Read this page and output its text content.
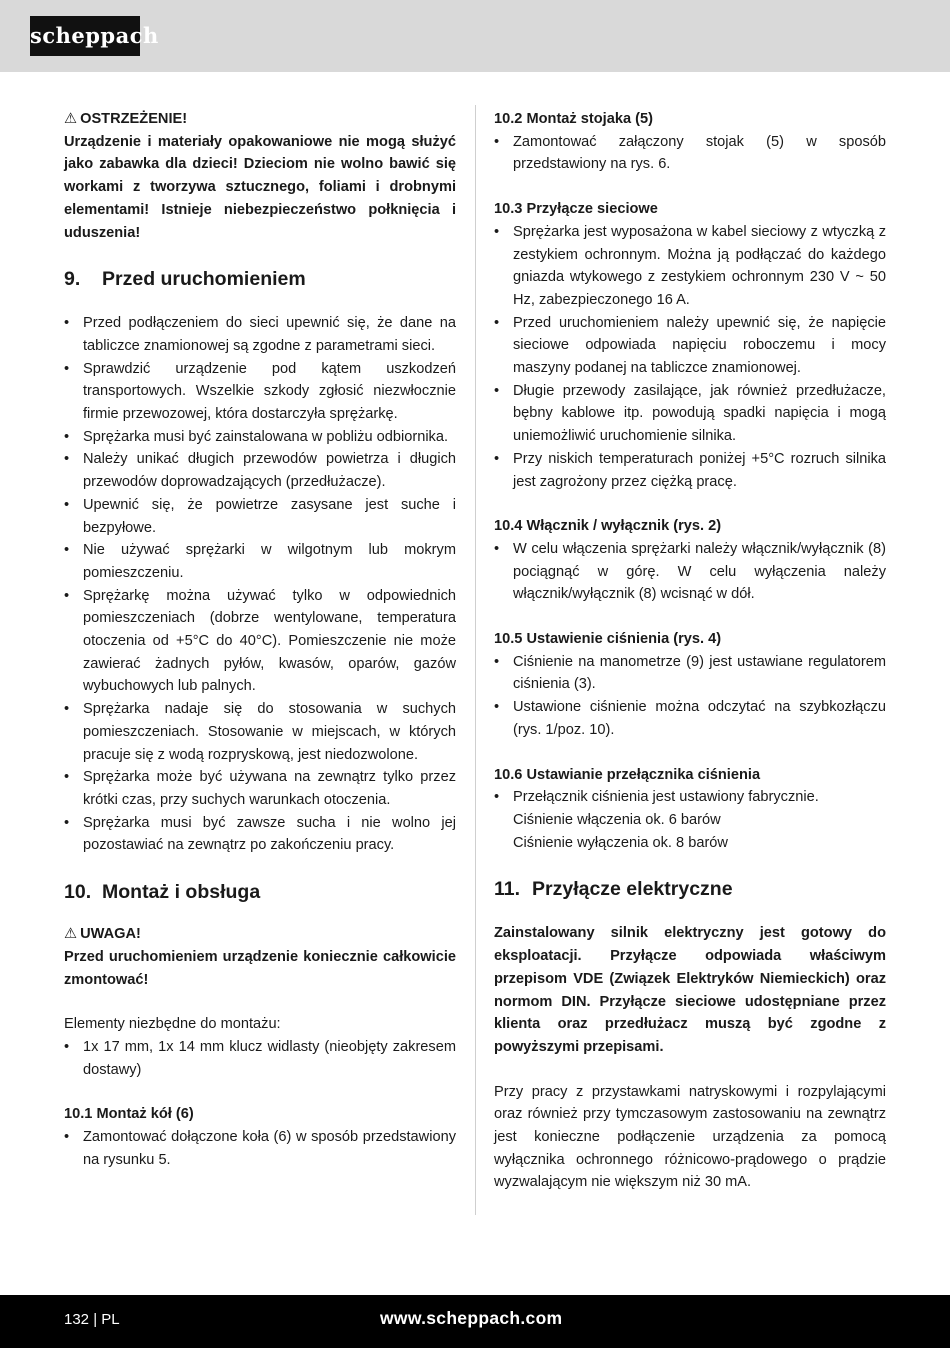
scheppach

⚠ OSTRZEŻENIE!

Urządzenie i materiały opakowaniowe nie mogą służyć jako zabawka dla dzieci! Dzieciom nie wolno bawić się workami z tworzywa sztucznego, foliami i drobnymi elementami! Istnieje niebezpieczeństwo połknięcia i uduszenia!

9. Przed uruchomieniem
• Przed podłączeniem do sieci upewnić się, że dane na tabliczce znamionowej są zgodne z parametrami sieci.
• Sprawdzić urządzenie pod kątem uszkodzeń transportowych. Wszelkie szkody zgłosić niezwłocznie firmie przewozowej, która dostarczyła sprężarkę.
• Sprężarka musi być zainstalowana w pobliżu odbiornika.
• Należy unikać długich przewodów powietrza i długich przewodów doprowadzających (przedłużacze).
• Upewnić się, że powietrze zasysane jest suche i bezpyłowe.
• Nie używać sprężarki w wilgotnym lub mokrym pomieszczeniu.
• Sprężarkę można używać tylko w odpowiednich pomieszczeniach (dobrze wentylowane, temperatura otoczenia od +5°C do 40°C). Pomieszczenie nie może zawierać żadnych pyłów, kwasów, oparów, gazów wybuchowych lub palnych.
• Sprężarka nadaje się do stosowania w suchych pomieszczeniach. Stosowanie w miejscach, w których pracuje się z wodą rozpryskową, jest niedozwolone.
• Sprężarka może być używana na zewnątrz tylko przez krótki czas, przy suchych warunkach otoczenia.
• Sprężarka musi być zawsze sucha i nie wolno jej pozostawiać na zewnątrz po zakończeniu pracy.
10. Montaż i obsługa

⚠ UWAGA!

Przed uruchomieniem urządzenie koniecznie całkowicie zmontować!

Elementy niezbędne do montażu:

• 1x 17 mm, 1x 14 mm klucz widlasty (nieobjęty zakresem dostawy)

10.1 Montaż kół (6)

• Zamontować dołączone koła (6) w sposób przedstawiony na rysunku 5.

10.2 Montaż stojaka (5)

• Zamontować załączony stojak (5) w sposób przedstawiony na rys. 6.

10.3 Przyłącze sieciowe

• Sprężarka jest wyposażona w kabel sieciowy z wtyczką z zestykiem ochronnym. Można ją podłączać do każdego gniazda wtykowego z zestykiem ochronnym 230 V ~ 50 Hz, zabezpieczonego 16 A.
• Przed uruchomieniem należy upewnić się, że napięcie sieciowe odpowiada napięciu roboczemu i mocy maszyny podanej na tabliczce znamionowej.
• Długie przewody zasilające, jak również przedłużacze, bębny kablowe itp. powodują spadki napięcia i mogą uniemożliwić uruchomienie silnika.
• Przy niskich temperaturach poniżej +5°C rozruch silnika jest zagrożony przez ciężką pracę.

10.4 Włącznik / wyłącznik (rys. 2)

• W celu włączenia sprężarki należy włącznik/wyłącznik (8) pociągnąć w górę. W celu wyłączenia należy włącznik/wyłącznik (8) wcisnąć w dół.

10.5 Ustawienie ciśnienia (rys. 4)

• Ciśnienie na manometrze (9) jest ustawiane regulatorem ciśnienia (3).
• Ustawione ciśnienie można odczytać na szybkozłączu (rys. 1/poz. 10).

10.6 Ustawianie przełącznika ciśnienia

• Przełącznik ciśnienia jest ustawiony fabrycznie.
Ciśnienie włączenia ok. 6 barów
Ciśnienie wyłączenia ok. 8 barów
11. Przyłącze elektryczne

Zainstalowany silnik elektryczny jest gotowy do eksploatacji. Przyłącze odpowiada właściwym przepisom VDE (Związek Elektryków Niemieckich) oraz normom DIN. Przyłącze sieciowe udostępniane przez klienta oraz przedłużacz muszą być zgodne z powyższymi przepisami.

Przy pracy z przystawkami natryskowymi i rozpylającymi oraz również przy tymczasowym zastosowaniu na zewnątrz jest konieczne podłączenie urządzenia za pomocą wyłącznika ochronnego różnicowo-prądowego o prądzie wyzwalającym nie większym niż 30 mA.

132 | PL	www.scheppach.com
